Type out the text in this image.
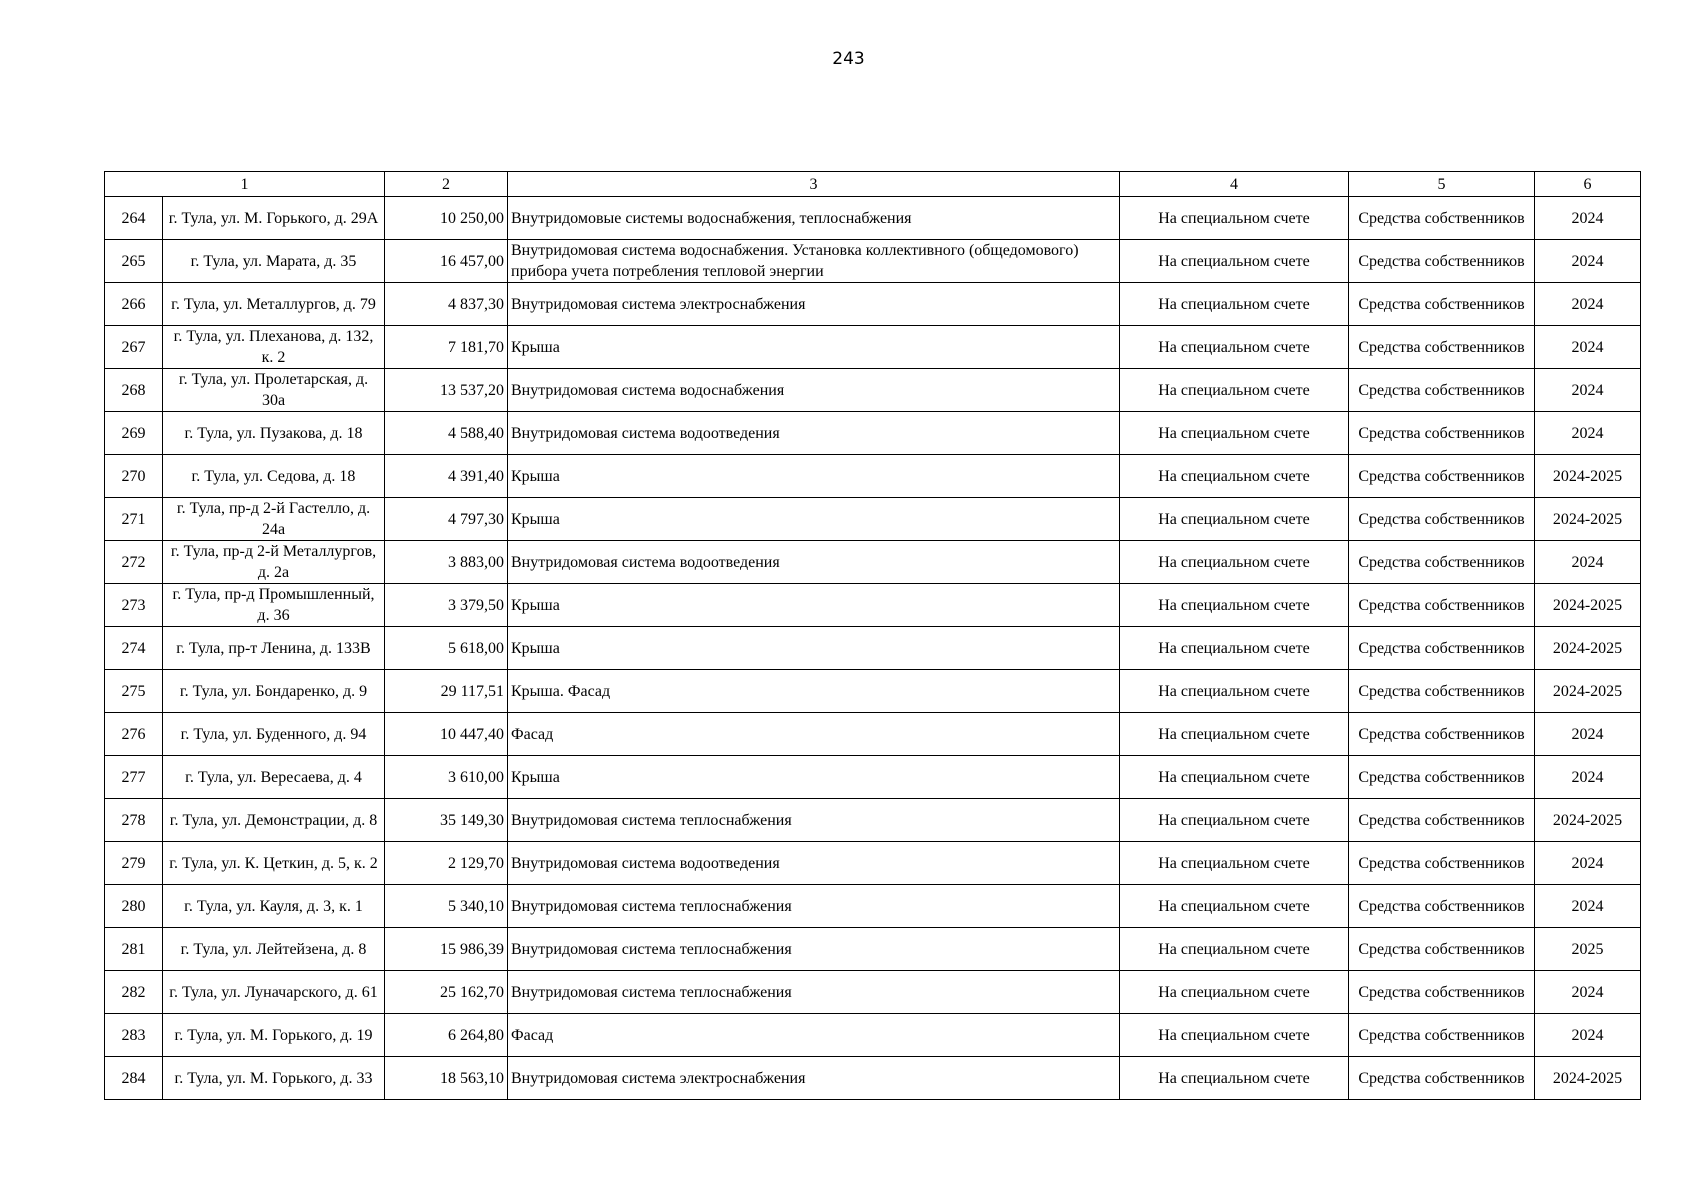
243
1		2	3	4	5	6
264	г. Тула, ул. М. Горького, д. 29А	10 250,00	Внутридомовые системы водоснабжения, теплоснабжения	На специальном счете	Средства собственников	2024
265	г. Тула, ул. Марата, д. 35	16 457,00	Внутридомовая система водоснабжения. Установка коллективного (общедомового) прибора учета потребления тепловой энергии	На специальном счете	Средства собственников	2024
266	г. Тула, ул. Металлургов, д. 79	4 837,30	Внутридомовая система электроснабжения	На специальном счете	Средства собственников	2024
267	г. Тула, ул. Плеханова, д. 132, к. 2	7 181,70	Крыша	На специальном счете	Средства собственников	2024
268	г. Тула, ул. Пролетарская, д. 30а	13 537,20	Внутридомовая система водоснабжения	На специальном счете	Средства собственников	2024
269	г. Тула, ул. Пузакова, д. 18	4 588,40	Внутридомовая система водоотведения	На специальном счете	Средства собственников	2024
270	г. Тула, ул. Седова, д. 18	4 391,40	Крыша	На специальном счете	Средства собственников	2024-2025
271	г. Тула, пр-д 2-й Гастелло, д. 24а	4 797,30	Крыша	На специальном счете	Средства собственников	2024-2025
272	г. Тула, пр-д 2-й Металлургов, д. 2а	3 883,00	Внутридомовая система водоотведения	На специальном счете	Средства собственников	2024
273	г. Тула, пр-д Промышленный, д. 36	3 379,50	Крыша	На специальном счете	Средства собственников	2024-2025
274	г. Тула, пр-т Ленина, д. 133В	5 618,00	Крыша	На специальном счете	Средства собственников	2024-2025
275	г. Тула, ул. Бондаренко, д. 9	29 117,51	Крыша. Фасад	На специальном счете	Средства собственников	2024-2025
276	г. Тула, ул. Буденного, д. 94	10 447,40	Фасад	На специальном счете	Средства собственников	2024
277	г. Тула, ул. Вересаева, д. 4	3 610,00	Крыша	На специальном счете	Средства собственников	2024
278	г. Тула, ул. Демонстрации, д. 8	35 149,30	Внутридомовая система теплоснабжения	На специальном счете	Средства собственников	2024-2025
279	г. Тула, ул. К. Цеткин, д. 5, к. 2	2 129,70	Внутридомовая система водоотведения	На специальном счете	Средства собственников	2024
280	г. Тула, ул. Кауля, д. 3, к. 1	5 340,10	Внутридомовая система теплоснабжения	На специальном счете	Средства собственников	2024
281	г. Тула, ул. Лейтейзена, д. 8	15 986,39	Внутридомовая система теплоснабжения	На специальном счете	Средства собственников	2025
282	г. Тула, ул. Луначарского, д. 61	25 162,70	Внутридомовая система теплоснабжения	На специальном счете	Средства собственников	2024
283	г. Тула, ул. М. Горького, д. 19	6 264,80	Фасад	На специальном счете	Средства собственников	2024
284	г. Тула, ул. М. Горького, д. 33	18 563,10	Внутридомовая система электроснабжения	На специальном счете	Средства собственников	2024-2025
